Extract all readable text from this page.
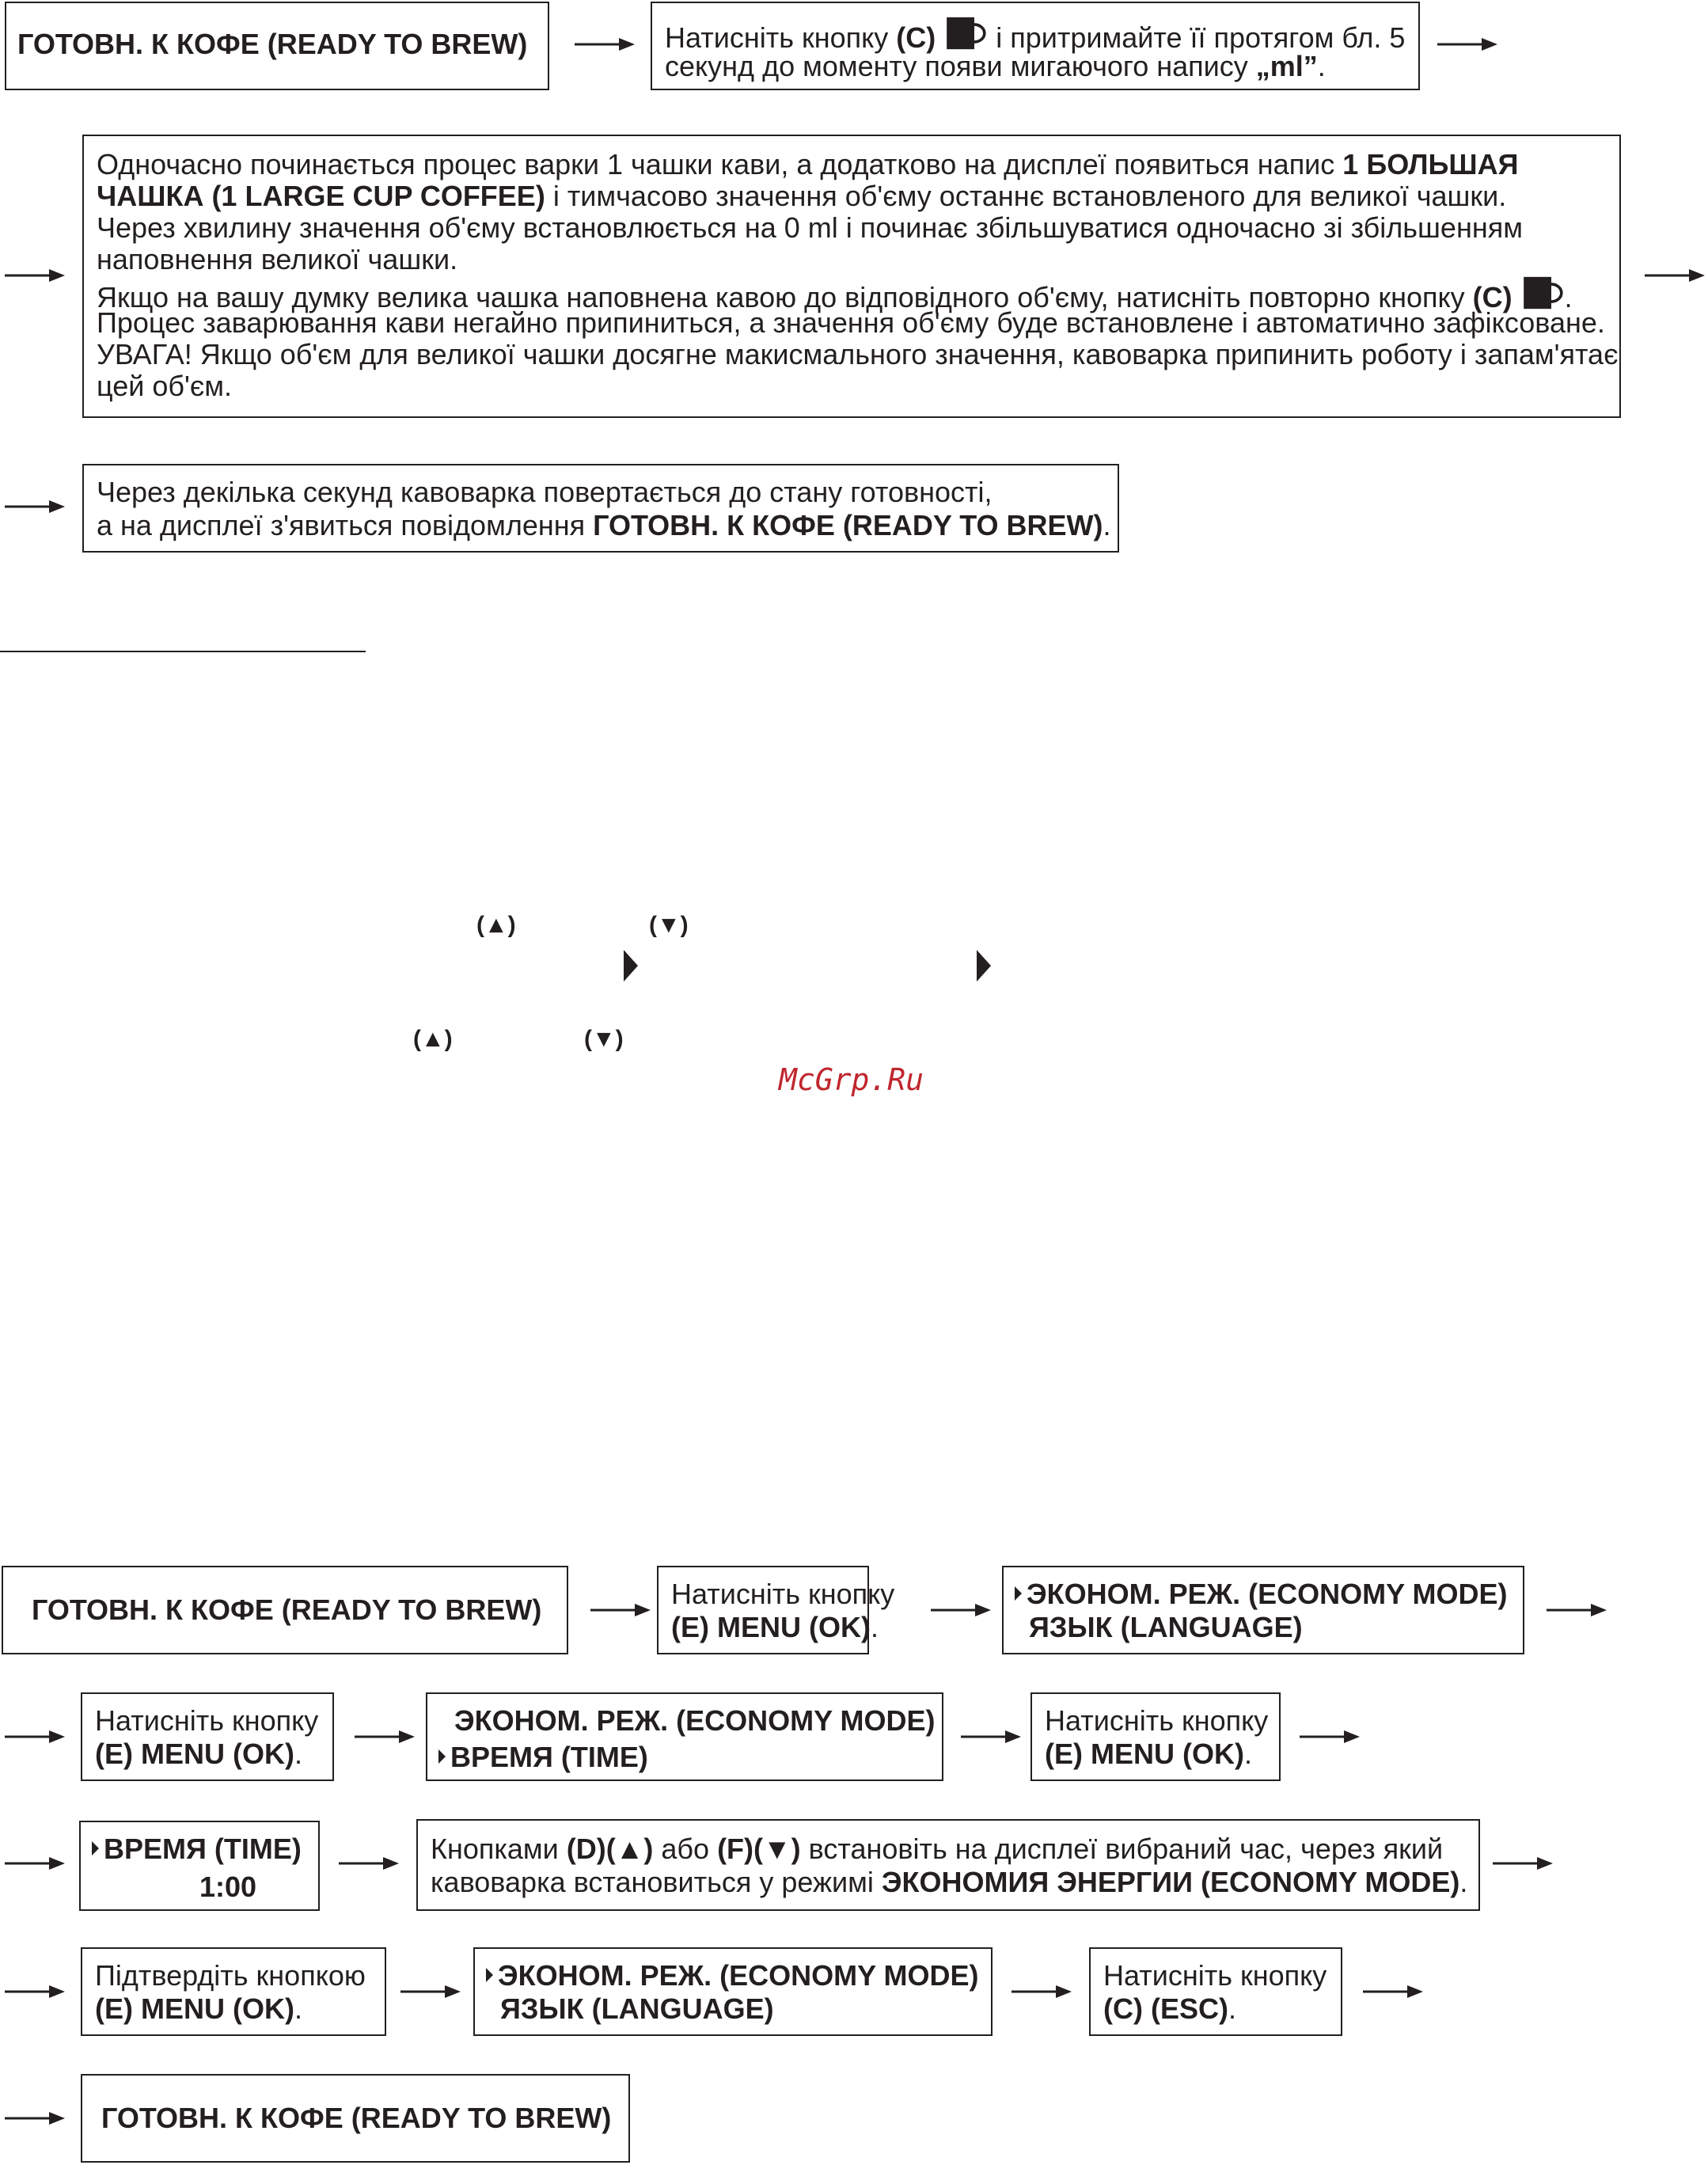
ГОТОВН. К КОФЕ (READY TO BREW)	Натисніть кнопку (C)  і притримайте її протягом бл. 5
секунд до моменту появи мигаючого напису „ml”.
Одночасно починається процес варки 1 чашки кави, а додатково на дисплеї появиться напис 1 БОЛЬШАЯ
ЧАШКА (1 LARGE CUP COFFEE) і тимчасово значення об'єму останнє встановленого для великої чашки.
Через хвилину значення об'єму встановлюється на 0 ml і починає збільшуватися одночасно зі збільшенням
наповнення великої чашки.
Якщо на вашу думку велика чашка наповнена кавою до відповідного об'єму, натисніть повторно кнопку (C) .
Процес заварювання кави негайно припиниться, а значення об'єму буде встановлене і автоматично зафіксоване.
УВАГА! Якщо об'єм для великої чашки досягне макисмального значення, кавоварка припинить роботу і запам'ятає
цей об'єм.
Через декілька секунд кавоварка повертається до стану готовності,
а на дисплеї з'явиться повідомлення ГОТОВН. К КОФЕ (READY TO BREW).
(▲)	(▼)
(▲)	(▼)
McGrp.Ru
ГОТОВН. К КОФЕ (READY TO BREW)	Натисніть кнопку
(E) MENU (OK).
ЭКОНОМ. РЕЖ. (ECONOMY MODE)
ЯЗЫК (LANGUAGE)
Натисніть кнопку
(E) MENU (OK).
ЭКОНОМ. РЕЖ. (ECONOMY MODE)
ВРЕМЯ (TIME)
Натисніть кнопку
(E) MENU (OK).
ВРЕМЯ (TIME)
1:00
Кнопками (D)(▲) або (F)(▼) встановіть на дисплеї вибраний час, через який
кавоварка встановиться у режимі ЭКОНОМИЯ ЭНЕРГИИ (ECONOMY MODE).
Підтвердіть кнопкою
(E) MENU (OK).
ЭКОНОМ. РЕЖ. (ECONOMY MODE)
ЯЗЫК (LANGUAGE)
Натисніть кнопку
(C) (ESC).
ГОТОВН. К КОФЕ (READY TO BREW)
